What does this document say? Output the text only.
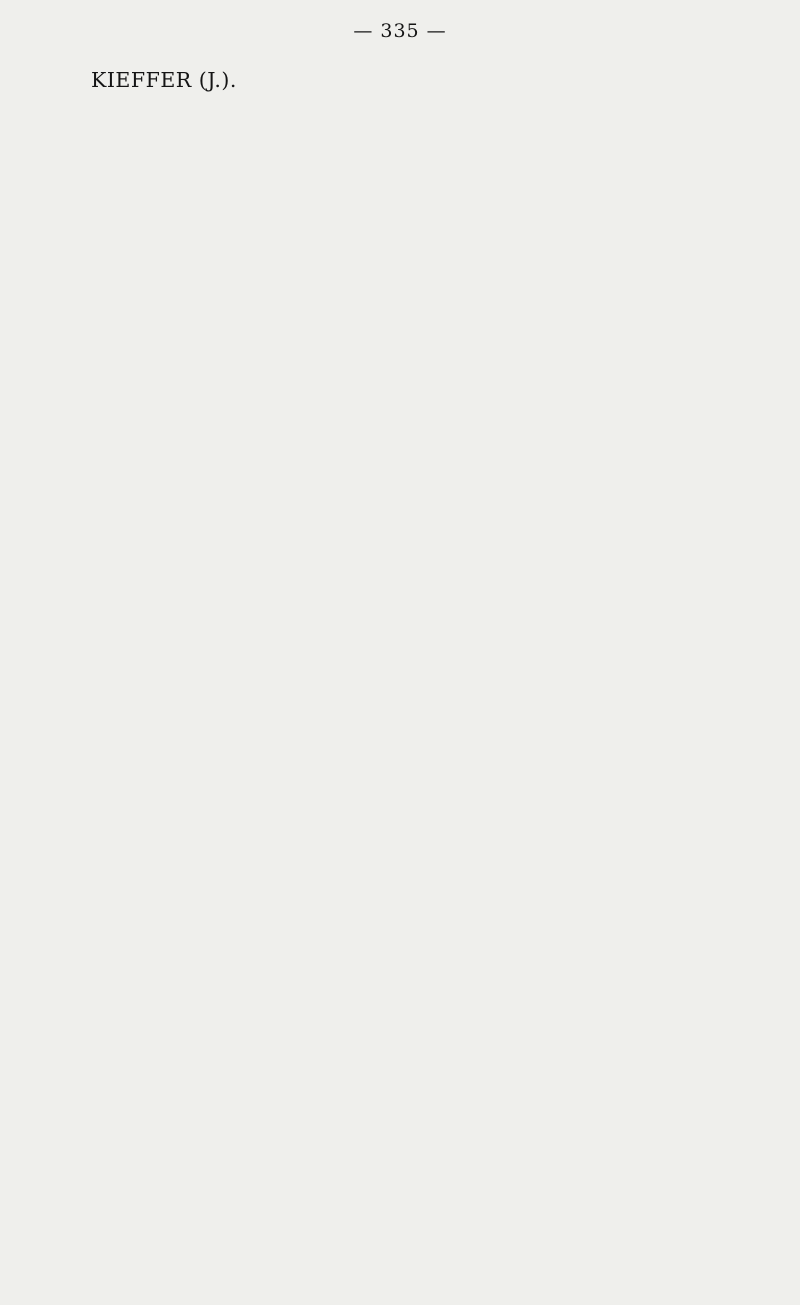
— 335 —
KIEFFER (J.).
